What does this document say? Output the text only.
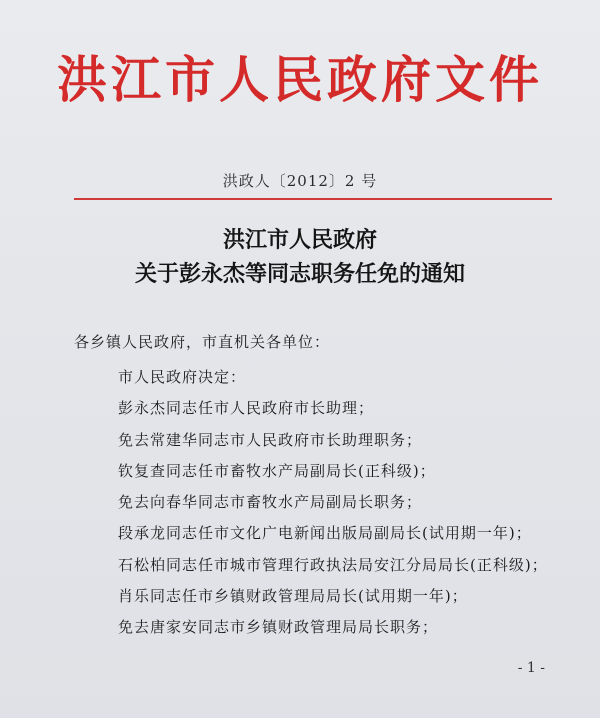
洪江市人民政府文件
洪政人〔2012〕2 号
洪江市人民政府
关于彭永杰等同志职务任免的通知
各乡镇人民政府，市直机关各单位：
市人民政府决定：
彭永杰同志任市人民政府市长助理；
免去常建华同志市人民政府市长助理职务；
钦复查同志任市畜牧水产局副局长(正科级)；
免去向春华同志市畜牧水产局副局长职务；
段承龙同志任市文化广电新闻出版局副局长(试用期一年)；
石松柏同志任市城市管理行政执法局安江分局局长(正科级)；
肖乐同志任市乡镇财政管理局局长(试用期一年)；
免去唐家安同志市乡镇财政管理局局长职务；
- 1 -
